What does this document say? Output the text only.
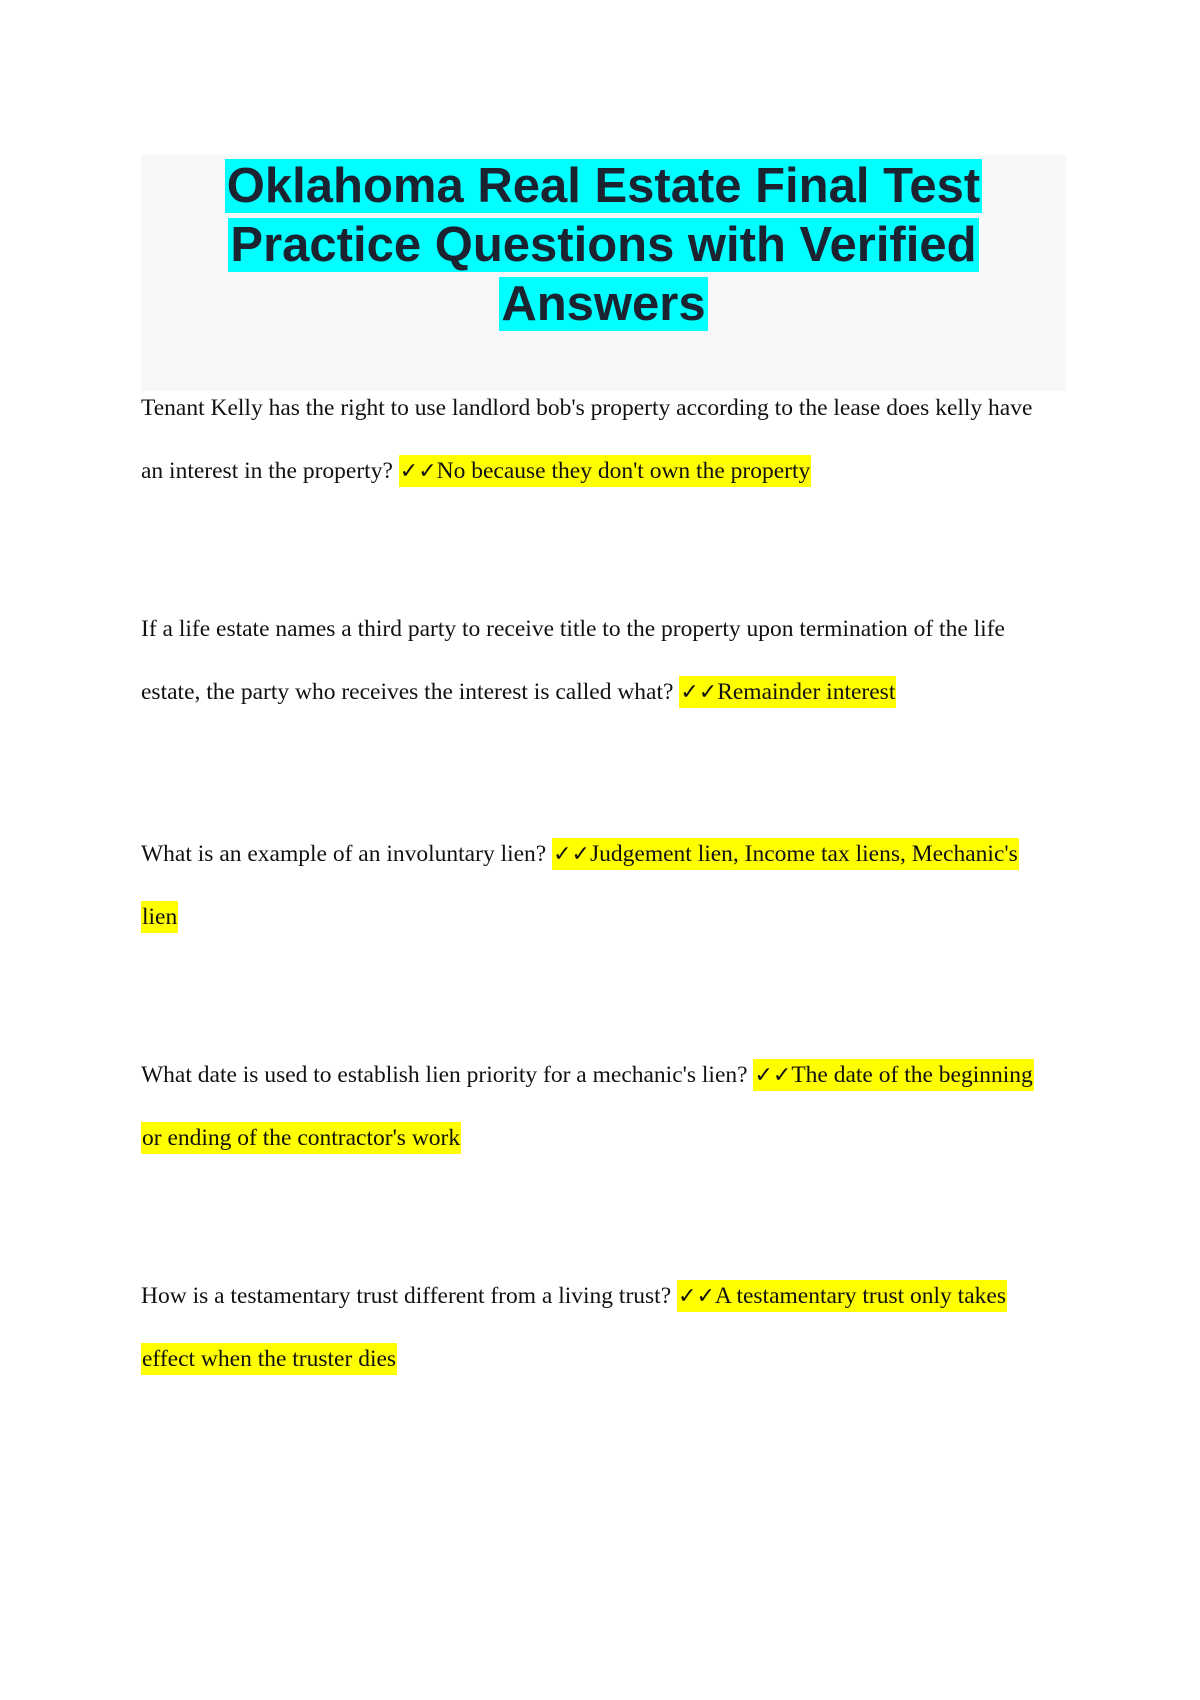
Oklahoma Real Estate Final Test Practice Questions with Verified Answers

Tenant Kelly has the right to use landlord bob's property according to the lease does kelly have an interest in the property? ✓✓No because they don't own the property

If a life estate names a third party to receive title to the property upon termination of the life estate, the party who receives the interest is called what? ✓✓Remainder interest

What is an example of an involuntary lien? ✓✓Judgement lien, Income tax liens, Mechanic's lien

What date is used to establish lien priority for a mechanic's lien? ✓✓The date of the beginning or ending of the contractor's work

How is a testamentary trust different from a living trust? ✓✓A testamentary trust only takes effect when the truster dies
